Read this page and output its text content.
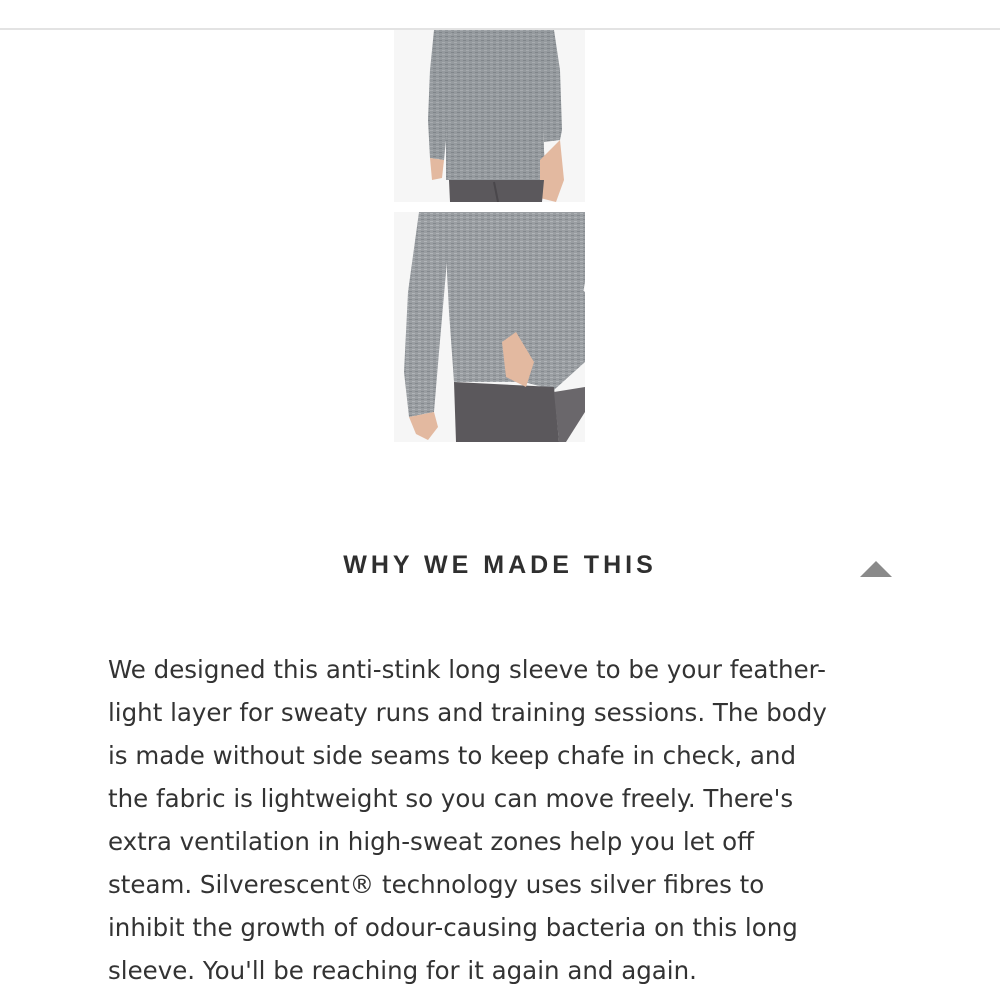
WHY WE MADE THIS

We designed this anti-stink long sleeve to be your feather-
light layer for sweaty runs and training sessions. The body
is made without side seams to keep chafe in check, and
the fabric is lightweight so you can move freely. There's
extra ventilation in high-sweat zones help you let off
steam. Silverescent® technology uses silver fibres to
inhibit the growth of odour-causing bacteria on this long
sleeve. You'll be reaching for it again and again.
